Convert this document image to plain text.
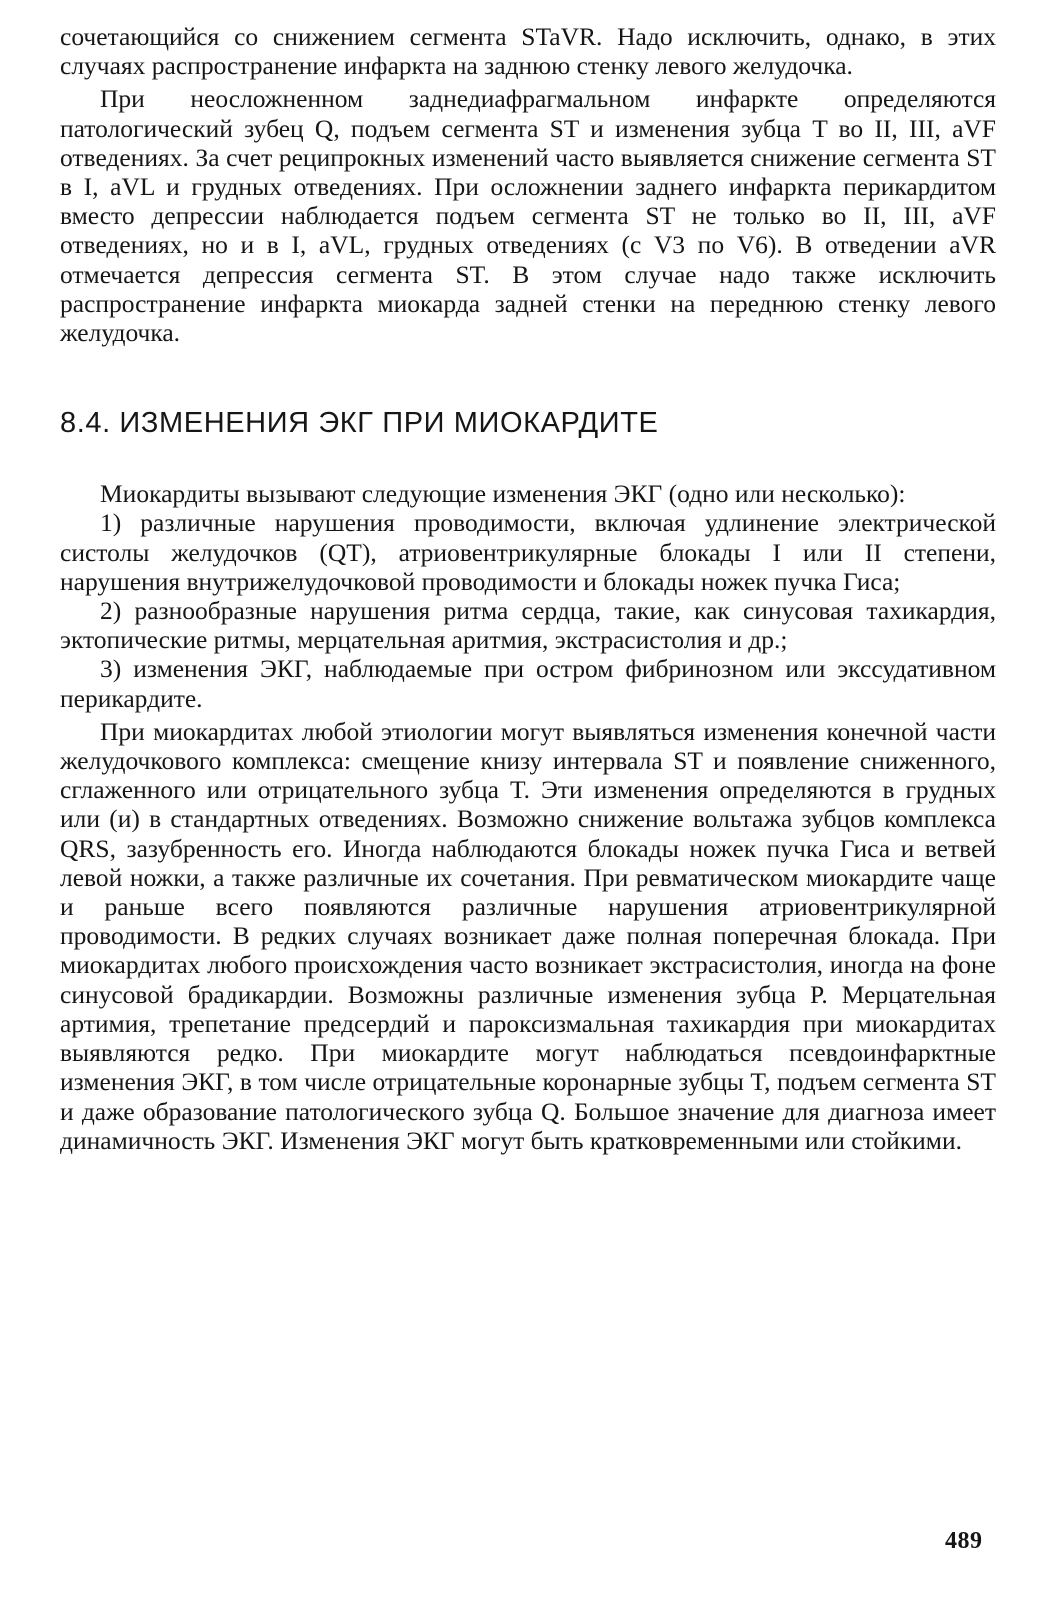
сочетающийся со снижением сегмента STaVR. Надо исключить, однако, в этих случаях распространение инфаркта на заднюю стенку левого желудочка.

При неосложненном заднедиафрагмальном инфаркте определяются патологический зубец Q, подъем сегмента ST и изменения зубца T во II, III, aVF отведениях. За счет реципрокных изменений часто выявляется снижение сегмента ST в I, aVL и грудных отведениях. При осложнении заднего инфаркта перикардитом вместо депрессии наблюдается подъем сегмента ST не только во II, III, aVF отведениях, но и в I, aVL, грудных отведениях (с V3 по V6). В отведении aVR отмечается депрессия сегмента ST. В этом случае надо также исключить распространение инфаркта миокарда задней стенки на переднюю стенку левого желудочка.

8.4. ИЗМЕНЕНИЯ ЭКГ ПРИ МИОКАРДИТЕ

Миокардиты вызывают следующие изменения ЭКГ (одно или несколько):

1) различные нарушения проводимости, включая удлинение электрической систолы желудочков (QT), атриовентрикулярные блокады I или II степени, нарушения внутрижелудочковой проводимости и блокады ножек пучка Гиса;

2) разнообразные нарушения ритма сердца, такие, как синусовая тахикардия, эктопические ритмы, мерцательная аритмия, экстрасистолия и др.;

3) изменения ЭКГ, наблюдаемые при остром фибринозном или экссудативном перикардите.

При миокардитах любой этиологии могут выявляться изменения конечной части желудочкового комплекса: смещение книзу интервала ST и появление сниженного, сглаженного или отрицательного зубца T. Эти изменения определяются в грудных или (и) в стандартных отведениях. Возможно снижение вольтажа зубцов комплекса QRS, зазубренность его. Иногда наблюдаются блокады ножек пучка Гиса и ветвей левой ножки, а также различные их сочетания. При ревматическом миокардите чаще и раньше всего появляются различные нарушения атриовентрикулярной проводимости. В редких случаях возникает даже полная поперечная блокада. При миокардитах любого происхождения часто возникает экстрасистолия, иногда на фоне синусовой брадикардии. Возможны различные изменения зубца P. Мерцательная артимия, трепетание предсердий и пароксизмальная тахикардия при миокардитах выявляются редко. При миокардите могут наблюдаться псевдоинфарктные изменения ЭКГ, в том числе отрицательные коронарные зубцы T, подъем сегмента ST и даже образование патологического зубца Q. Большое значение для диагноза имеет динамичность ЭКГ. Изменения ЭКГ могут быть кратковременными или стойкими.

489
